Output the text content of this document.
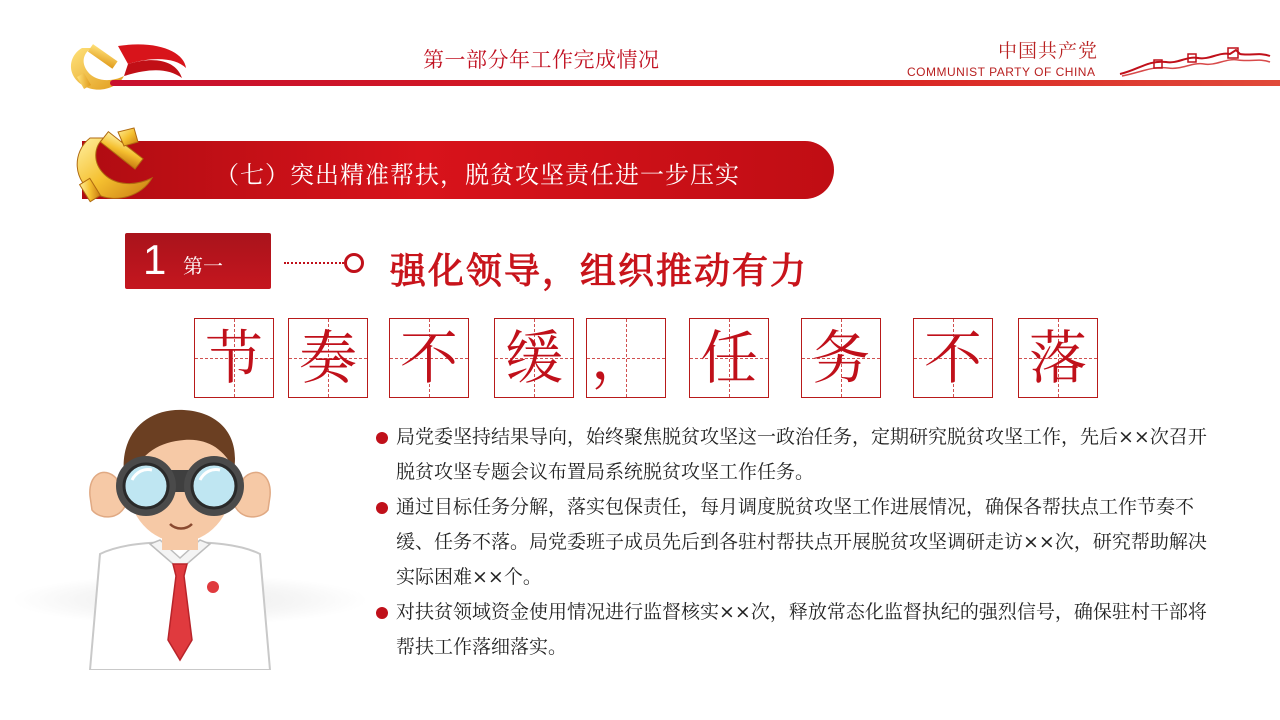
第一部分年工作完成情况	中国共产党
COMMUNIST PARTY OF CHINA
（七）突出精准帮扶，脱贫攻坚责任进一步压实
1 第一	强化领导，组织推动有力
节 奏 不 缓 ， 任 务 不 落
局党委坚持结果导向，始终聚焦脱贫攻坚这一政治任务，定期研究脱贫攻坚工作，先后××次召开脱贫攻坚专题会议布置局系统脱贫攻坚工作任务。
通过目标任务分解，落实包保责任，每月调度脱贫攻坚工作进展情况，确保各帮扶点工作节奏不缓、任务不落。局党委班子成员先后到各驻村帮扶点开展脱贫攻坚调研走访××次，研究帮助解决实际困难××个。
对扶贫领域资金使用情况进行监督核实××次，释放常态化监督执纪的强烈信号，确保驻村干部将帮扶工作落细落实。
